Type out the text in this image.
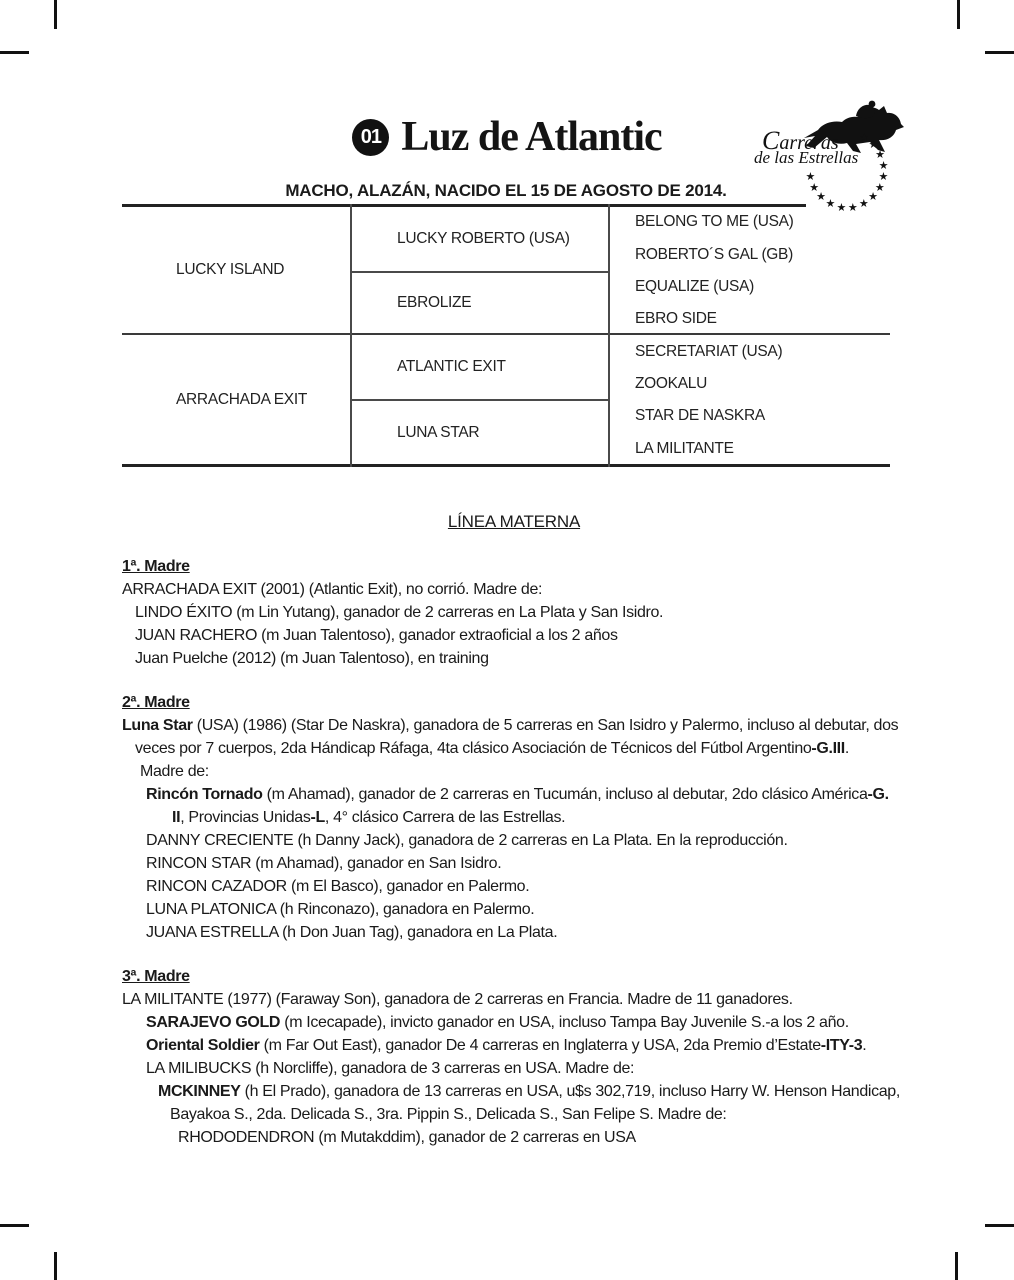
01 Luz de Atlantic
MACHO, ALAZÁN, NACIDO EL 15 DE AGOSTO DE 2014.
Carreras
de las Estrellas
★
★
★
★
★
★
★
★
★
★
★
★
★
★
LUCKY ISLAND
ARRACHADA EXIT
LUCKY ROBERTO (USA)
EBROLIZE
ATLANTIC EXIT
LUNA STAR
BELONG TO ME (USA)
ROBERTO´S GAL (GB)
EQUALIZE (USA)
EBRO SIDE
SECRETARIAT (USA)
ZOOKALU
STAR DE NASKRA
LA MILITANTE
LÍNEA MATERNA
1ª. Madre
ARRACHADA EXIT (2001) (Atlantic Exit), no corrió. Madre de:
LINDO ÉXITO (m Lin Yutang), ganador de 2 carreras en La Plata y San Isidro.
JUAN RACHERO (m Juan Talentoso), ganador extraoficial a los 2 años
Juan Puelche (2012) (m Juan Talentoso), en training
2ª. Madre
Luna Star (USA) (1986) (Star De Naskra), ganadora de 5 carreras en San Isidro y Palermo, incluso al debutar, dos
veces por 7 cuerpos, 2da Hándicap Ráfaga, 4ta clásico Asociación de Técnicos del Fútbol Argentino-G.III.
Madre de:
Rincón Tornado (m Ahamad), ganador de 2 carreras en Tucumán, incluso al debutar, 2do clásico América-G.
II, Provincias Unidas-L, 4° clásico Carrera de las Estrellas.
DANNY CRECIENTE (h Danny Jack), ganadora de 2 carreras en La Plata. En la reproducción.
RINCON STAR (m Ahamad), ganador en San Isidro.
RINCON CAZADOR (m El Basco), ganador en Palermo.
LUNA PLATONICA (h Rinconazo), ganadora en Palermo.
JUANA ESTRELLA (h Don Juan Tag), ganadora en La Plata.
3ª. Madre
LA MILITANTE (1977) (Faraway Son), ganadora de 2 carreras en Francia. Madre de 11 ganadores.
SARAJEVO GOLD (m Icecapade), invicto ganador en USA, incluso Tampa Bay Juvenile S.-a los 2 año.
Oriental Soldier (m Far Out East), ganador De 4 carreras en Inglaterra y USA, 2da Premio d’Estate-ITY-3.
LA MILIBUCKS (h Norcliffe), ganadora de 3 carreras en USA. Madre de:
MCKINNEY (h El Prado), ganadora de 13 carreras en USA, u$s 302,719, incluso Harry W. Henson Handicap,
Bayakoa S., 2da. Delicada S., 3ra. Pippin S., Delicada S., San Felipe S. Madre de:
RHODODENDRON (m Mutakddim), ganador de 2 carreras en USA
